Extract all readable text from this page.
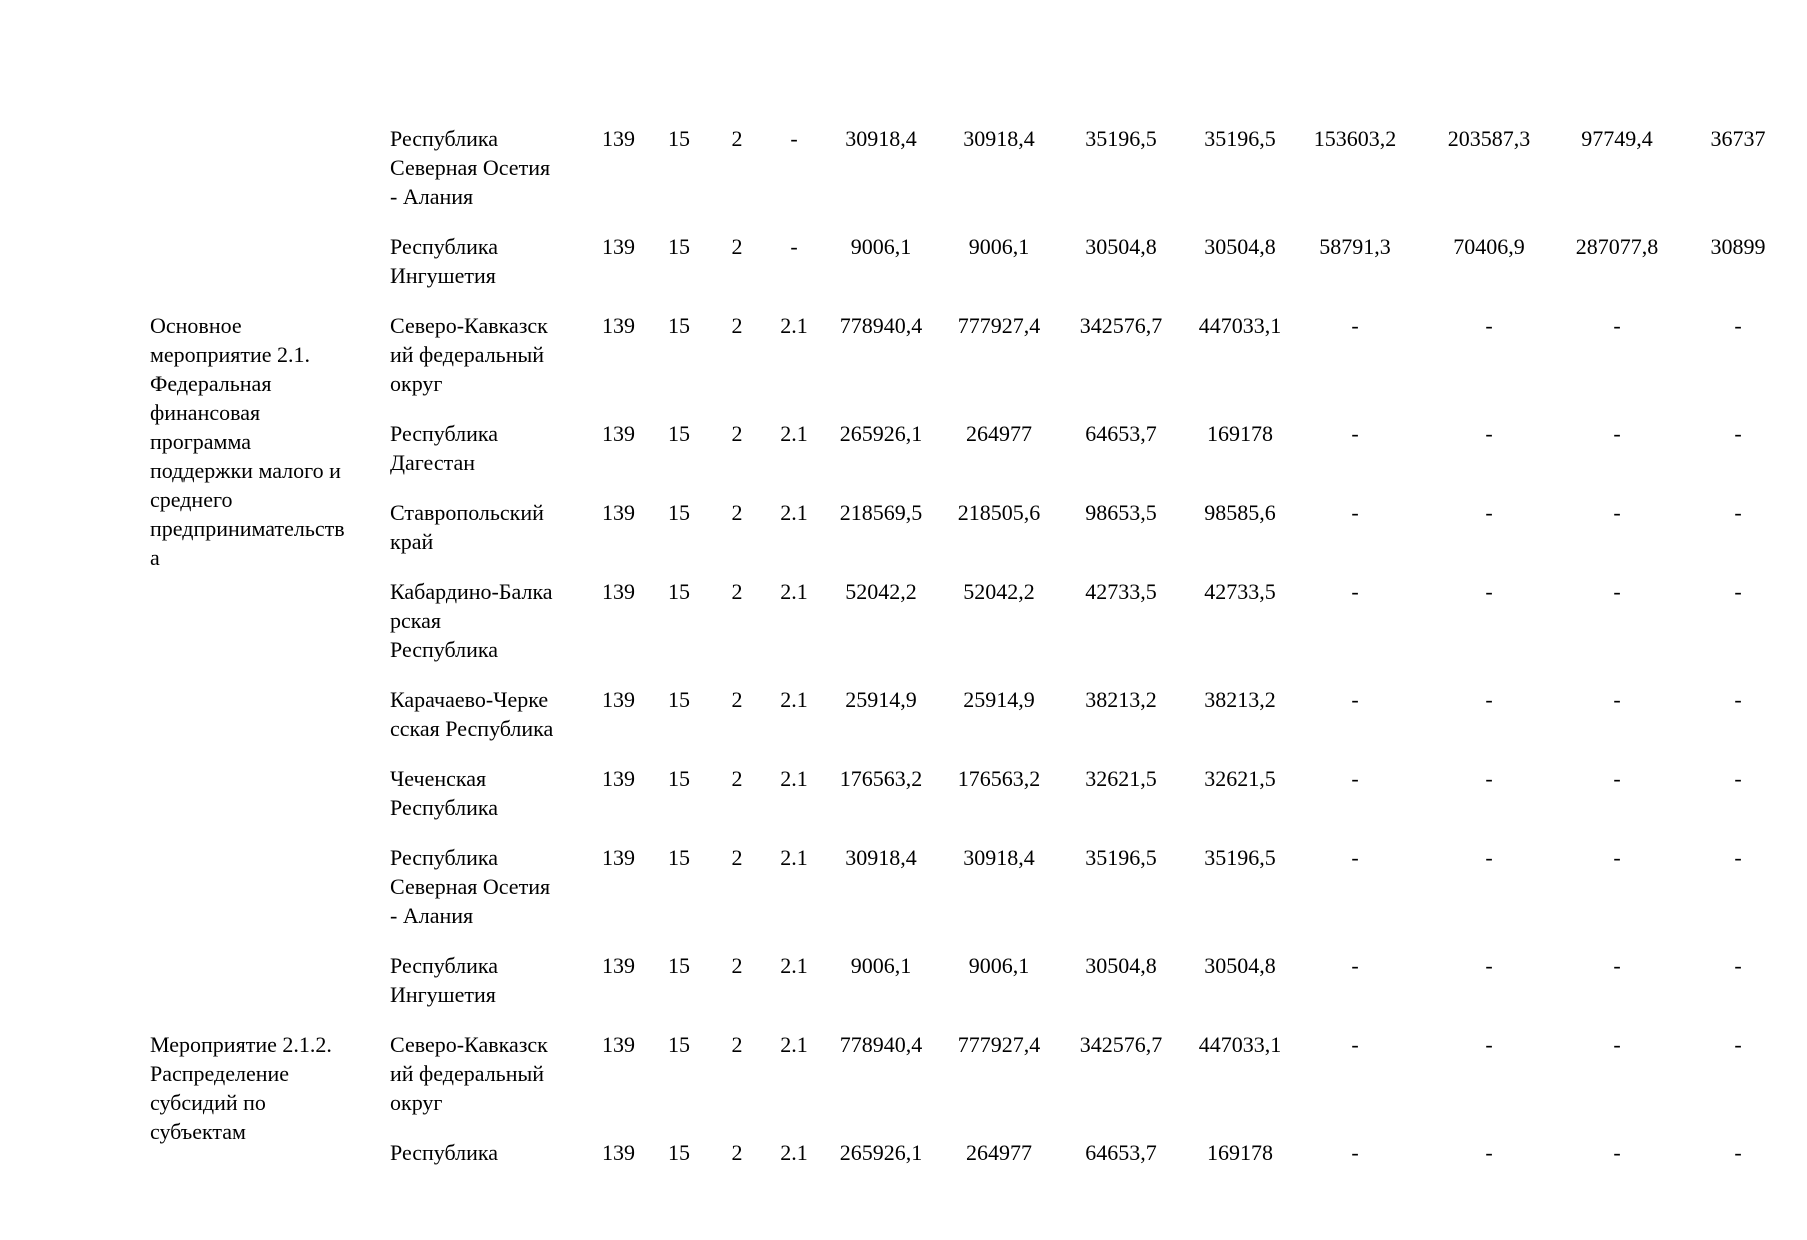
	Республика
Северная Осетия
- Алания	139	15	2	-	30918,4	30918,4	35196,5	35196,5	153603,2	203587,3	97749,4	36737
	Республика
Ингушетия	139	15	2	-	9006,1	9006,1	30504,8	30504,8	58791,3	70406,9	287077,8	30899
Основное
мероприятие 2.1.
Федеральная
финансовая
программа
поддержки малого и
среднего
предпринимательств
а	Северо-Кавказск
ий федеральный
округ	139	15	2	2.1	778940,4	777927,4	342576,7	447033,1	-	-	-	-
	Республика
Дагестан	139	15	2	2.1	265926,1	264977	64653,7	169178	-	-	-	-
	Ставропольский
край	139	15	2	2.1	218569,5	218505,6	98653,5	98585,6	-	-	-	-
	Кабардино-Балка
рская
Республика	139	15	2	2.1	52042,2	52042,2	42733,5	42733,5	-	-	-	-
	Карачаево-Черке
сская Республика	139	15	2	2.1	25914,9	25914,9	38213,2	38213,2	-	-	-	-
	Чеченская
Республика	139	15	2	2.1	176563,2	176563,2	32621,5	32621,5	-	-	-	-
	Республика
Северная Осетия
- Алания	139	15	2	2.1	30918,4	30918,4	35196,5	35196,5	-	-	-	-
	Республика
Ингушетия	139	15	2	2.1	9006,1	9006,1	30504,8	30504,8	-	-	-	-
Мероприятие 2.1.2.
Распределение
субсидий по
субъектам	Северо-Кавказск
ий федеральный
округ	139	15	2	2.1	778940,4	777927,4	342576,7	447033,1	-	-	-	-
	Республика	139	15	2	2.1	265926,1	264977	64653,7	169178	-	-	-	-
